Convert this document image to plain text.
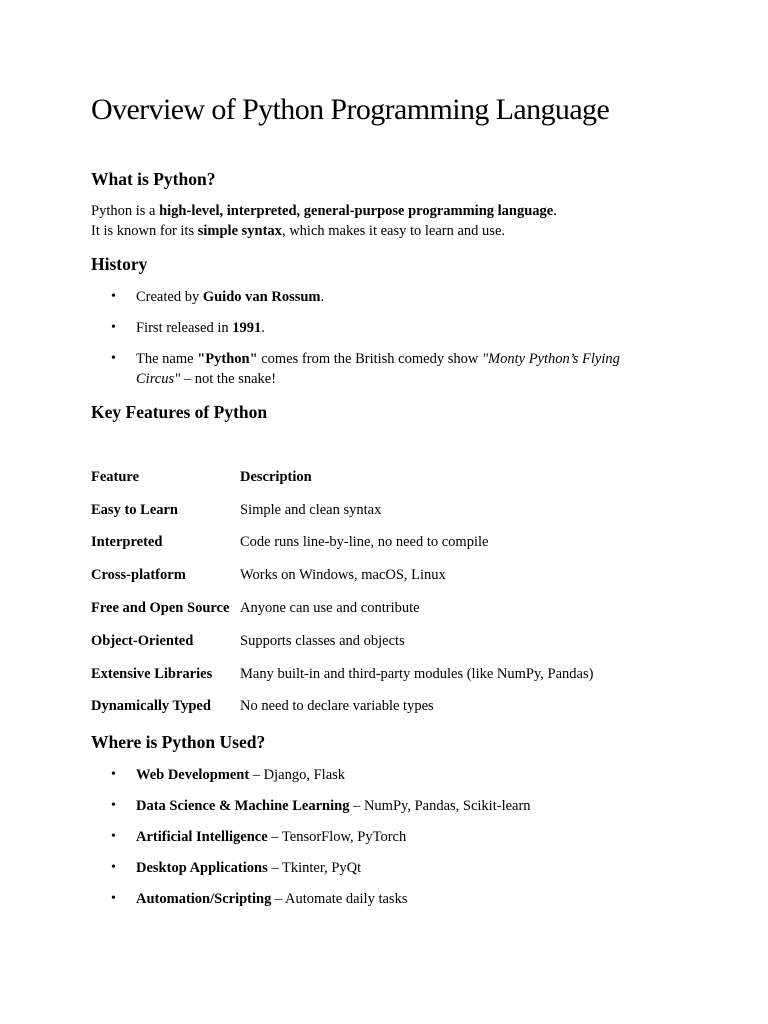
Overview of Python Programming Language
What is Python?

Python is a high-level, interpreted, general-purpose programming language.
It is known for its simple syntax, which makes it easy to learn and use.

History
• Created by Guido van Rossum.
• First released in 1991.
• The name "Python" comes from the British comedy show "Monty Python’s Flying Circus" – not the snake!
Key Features of Python
Feature	Description
Easy to Learn	Simple and clean syntax
Interpreted	Code runs line-by-line, no need to compile
Cross-platform	Works on Windows, macOS, Linux
Free and Open Source	Anyone can use and contribute
Object-Oriented	Supports classes and objects
Extensive Libraries	Many built-in and third-party modules (like NumPy, Pandas)
Dynamically Typed	No need to declare variable types
Where is Python Used?
• Web Development – Django, Flask
• Data Science & Machine Learning – NumPy, Pandas, Scikit-learn
• Artificial Intelligence – TensorFlow, PyTorch
• Desktop Applications – Tkinter, PyQt
• Automation/Scripting – Automate daily tasks
